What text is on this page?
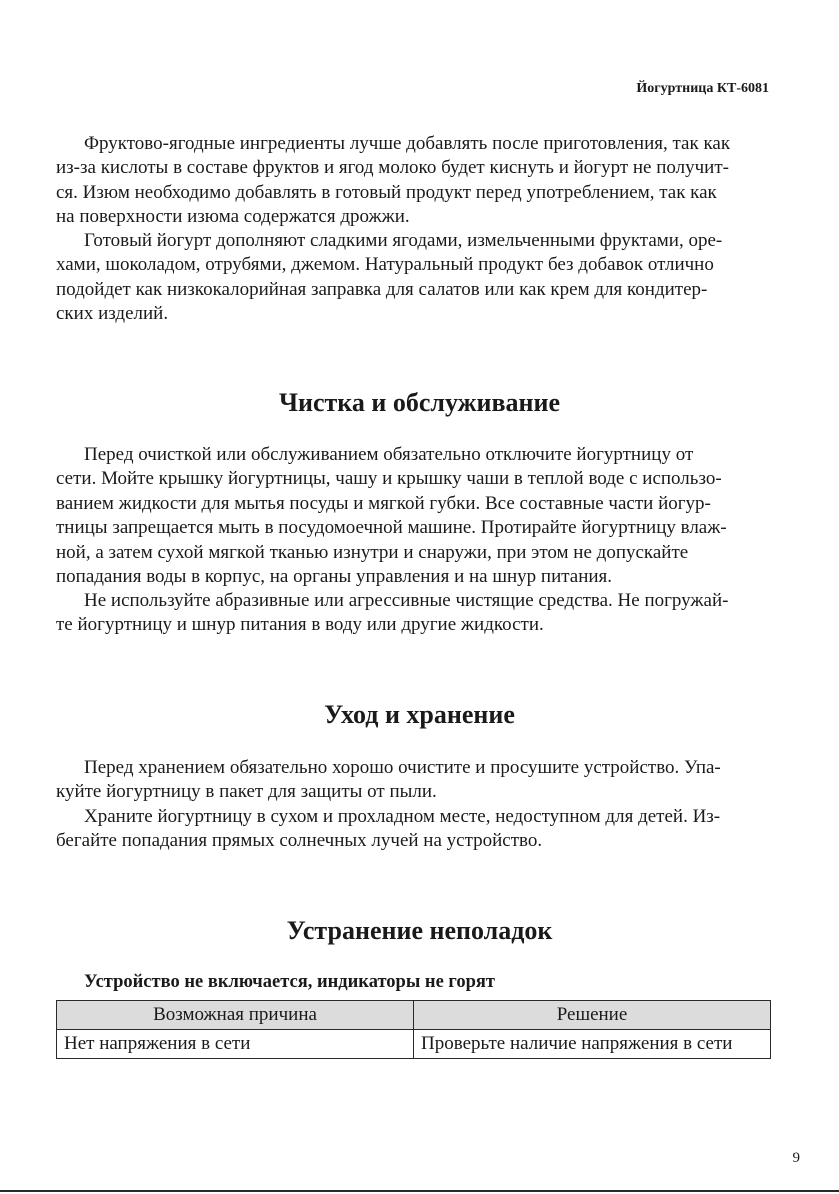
Йогуртница КТ-6081
Фруктово-ягодные ингредиенты лучше добавлять после приготовления, так как
из-за кислоты в составе фруктов и ягод молоко будет киснуть и йогурт не получит-
ся. Изюм необходимо добавлять в готовый продукт перед употреблением, так как
на поверхности изюма содержатся дрожжи.
Готовый йогурт дополняют сладкими ягодами, измельченными фруктами, оре-
хами, шоколадом, отрубями, джемом. Натуральный продукт без добавок отлично
подойдет как низкокалорийная заправка для салатов или как крем для кондитер-
ских изделий.
Чистка и обслуживание
Перед очисткой или обслуживанием обязательно отключите йогуртницу от
сети. Мойте крышку йогуртницы, чашу и крышку чаши в теплой воде с использо-
ванием жидкости для мытья посуды и мягкой губки. Все составные части йогур-
тницы запрещается мыть в посудомоечной машине. Протирайте йогуртницу влаж-
ной, а затем сухой мягкой тканью изнутри и снаружи, при этом не допускайте
попадания воды в корпус, на органы управления и на шнур питания.
Не используйте абразивные или агрессивные чистящие средства. Не погружай-
те йогуртницу и шнур питания в воду или другие жидкости.
Уход и хранение
Перед хранением обязательно хорошо очистите и просушите устройство. Упа-
куйте йогуртницу в пакет для защиты от пыли.
Храните йогуртницу в сухом и прохладном месте, недоступном для детей. Из-
бегайте попадания прямых солнечных лучей на устройство.
Устранение неполадок
Устройство не включается, индикаторы не горят
Возможная причина	Решение
Нет напряжения в сети	Проверьте наличие напряжения в сети
9
